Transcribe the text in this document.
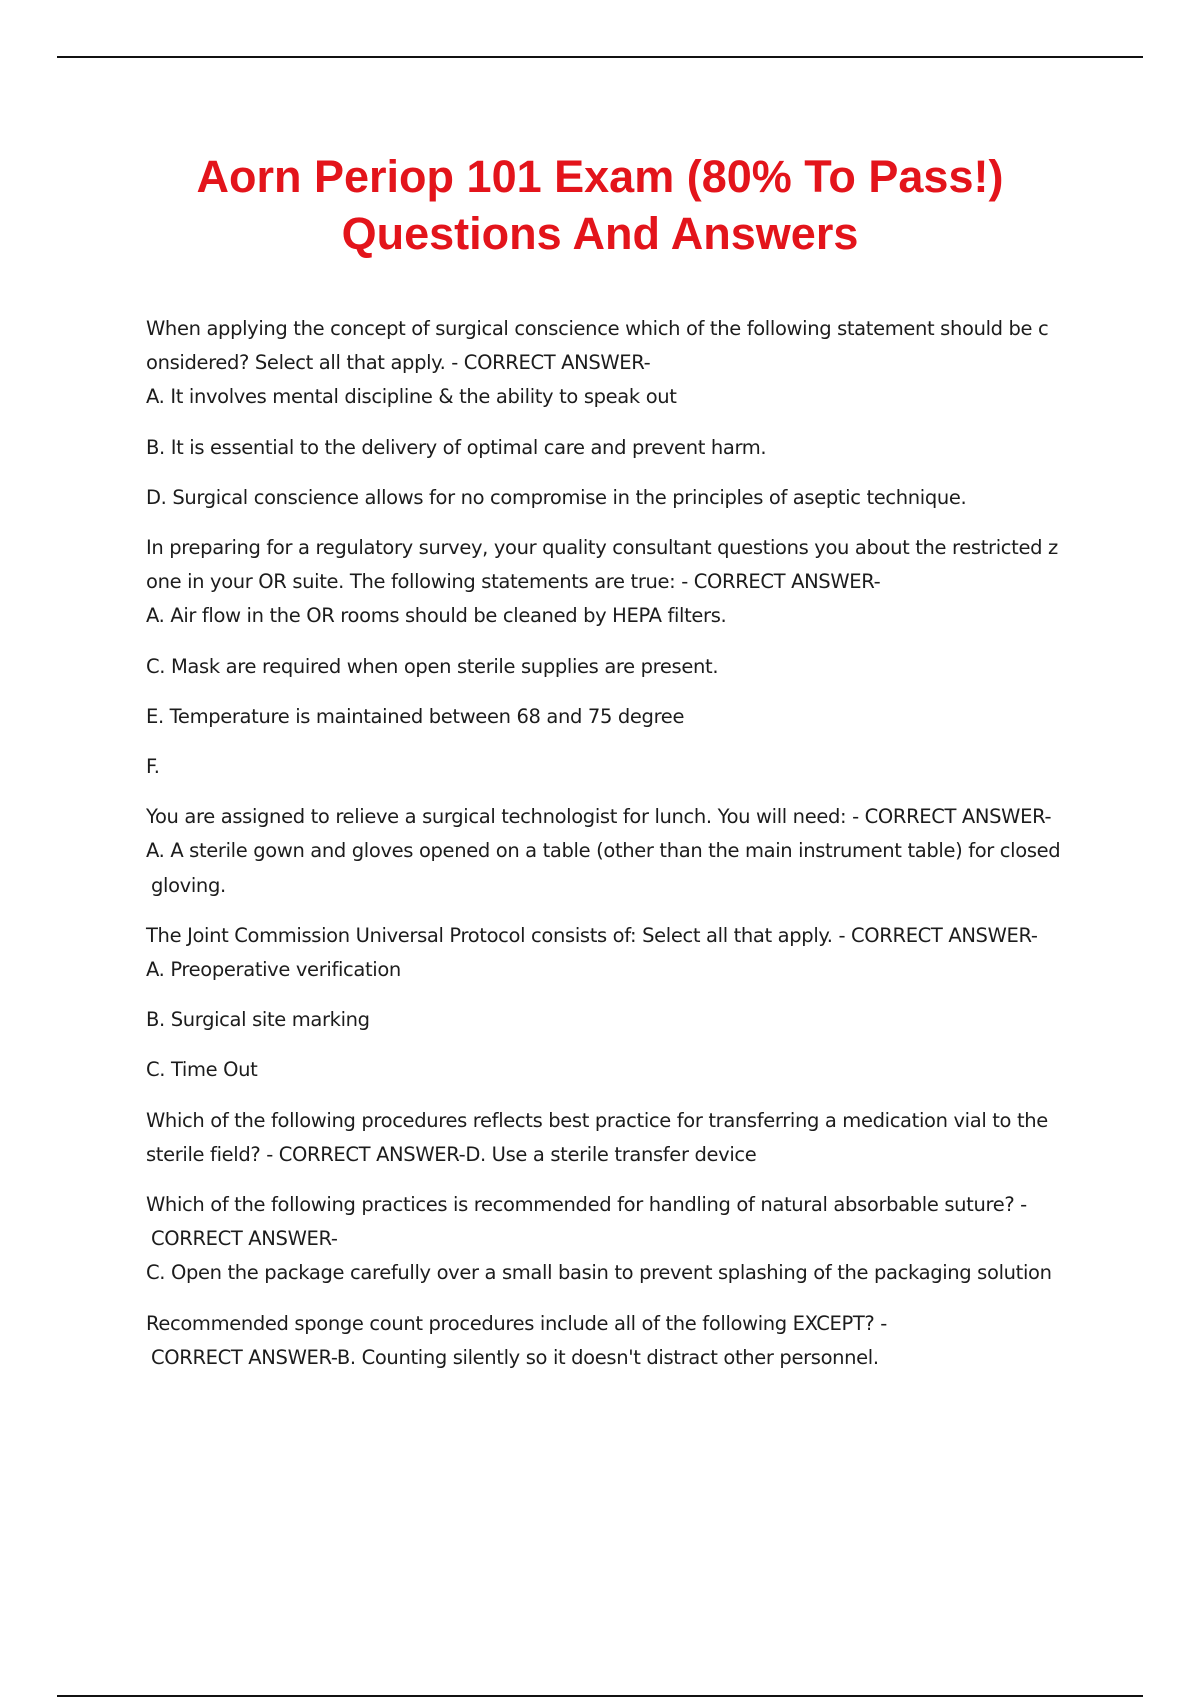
Aorn Periop 101 Exam (80% To Pass!)
Questions And Answers

When applying the concept of surgical conscience which of the following statement should be c
onsidered? Select all that apply. - CORRECT ANSWER-
A. It involves mental discipline & the ability to speak out

B. It is essential to the delivery of optimal care and prevent harm.

D. Surgical conscience allows for no compromise in the principles of aseptic technique.

In preparing for a regulatory survey, your quality consultant questions you about the restricted z
one in your OR suite. The following statements are true: - CORRECT ANSWER-
A. Air flow in the OR rooms should be cleaned by HEPA filters.

C. Mask are required when open sterile supplies are present.

E. Temperature is maintained between 68 and 75 degree

F.

You are assigned to relieve a surgical technologist for lunch. You will need: - CORRECT ANSWER-
A. A sterile gown and gloves opened on a table (other than the main instrument table) for closed
gloving.

The Joint Commission Universal Protocol consists of: Select all that apply. - CORRECT ANSWER-
A. Preoperative verification

B. Surgical site marking

C. Time Out

Which of the following procedures reflects best practice for transferring a medication vial to the
sterile field? - CORRECT ANSWER-D. Use a sterile transfer device

Which of the following practices is recommended for handling of natural absorbable suture? -
CORRECT ANSWER-
C. Open the package carefully over a small basin to prevent splashing of the packaging solution

Recommended sponge count procedures include all of the following EXCEPT? -
CORRECT ANSWER-B. Counting silently so it doesn't distract other personnel.
